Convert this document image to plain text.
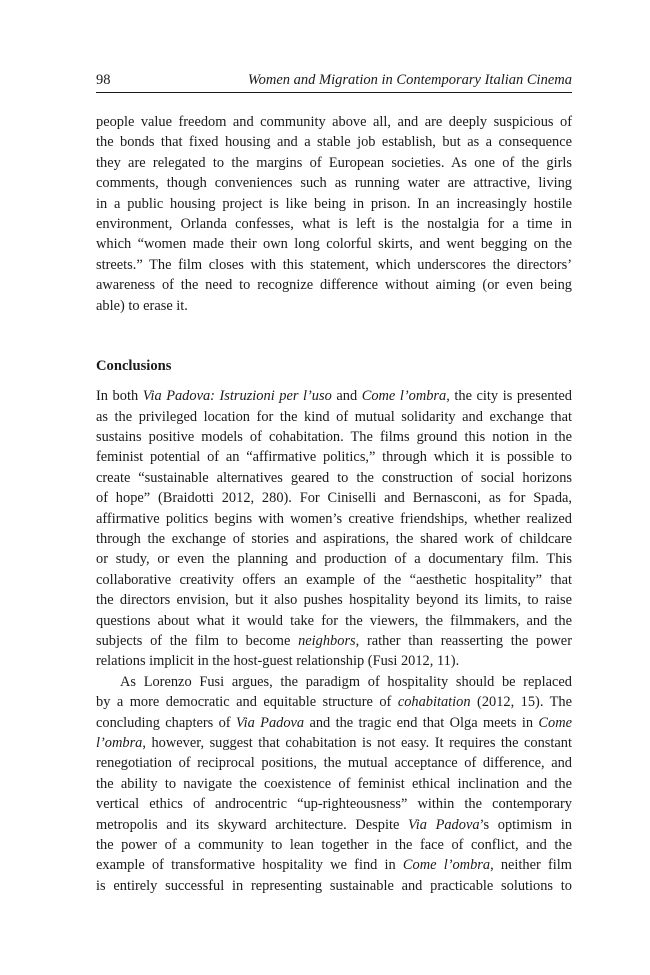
98	Women and Migration in Contemporary Italian Cinema
people value freedom and community above all, and are deeply suspicious of
the bonds that fixed housing and a stable job establish, but as a consequence
they are relegated to the margins of European societies. As one of the girls
comments, though conveniences such as running water are attractive, living
in a public housing project is like being in prison. In an increasingly hostile
environment, Orlanda confesses, what is left is the nostalgia for a time in
which “women made their own long colorful skirts, and went begging on the
streets.” The film closes with this statement, which underscores the directors’
awareness of the need to recognize difference without aiming (or even being
able) to erase it.
Conclusions
In both Via Padova: Istruzioni per l’uso and Come l’ombra, the city is presented
as the privileged location for the kind of mutual solidarity and exchange that
sustains positive models of cohabitation. The films ground this notion in the
feminist potential of an “affirmative politics,” through which it is possible to
create “sustainable alternatives geared to the construction of social horizons
of hope” (Braidotti 2012, 280). For Ciniselli and Bernasconi, as for Spada,
affirmative politics begins with women’s creative friendships, whether realized
through the exchange of stories and aspirations, the shared work of childcare
or study, or even the planning and production of a documentary film. This
collaborative creativity offers an example of the “aesthetic hospitality” that
the directors envision, but it also pushes hospitality beyond its limits, to raise
questions about what it would take for the viewers, the filmmakers, and the
subjects of the film to become neighbors, rather than reasserting the power
relations implicit in the host-guest relationship (Fusi 2012, 11).
As Lorenzo Fusi argues, the paradigm of hospitality should be replaced
by a more democratic and equitable structure of cohabitation (2012, 15). The
concluding chapters of Via Padova and the tragic end that Olga meets in Come
l’ombra, however, suggest that cohabitation is not easy. It requires the constant
renegotiation of reciprocal positions, the mutual acceptance of difference, and
the ability to navigate the coexistence of feminist ethical inclination and the
vertical ethics of androcentric “up-righteousness” within the contemporary
metropolis and its skyward architecture. Despite Via Padova’s optimism in
the power of a community to lean together in the face of conflict, and the
example of transformative hospitality we find in Come l’ombra, neither film
is entirely successful in representing sustainable and practicable solutions to
